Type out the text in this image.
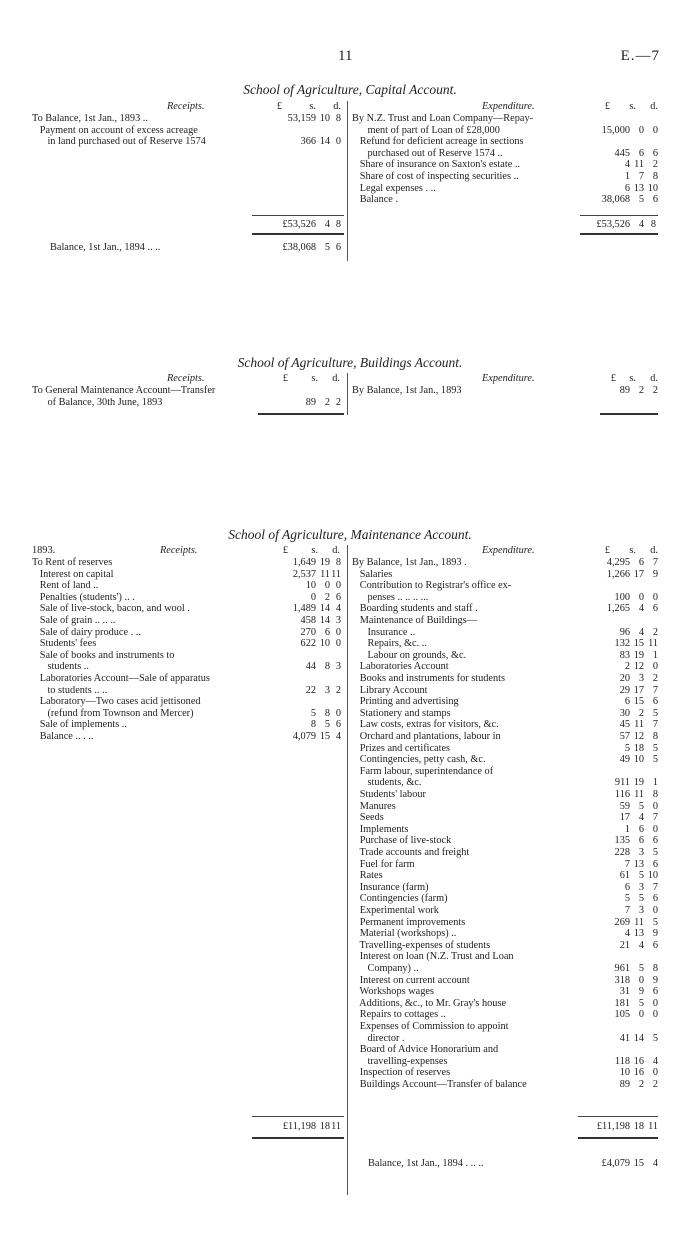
11	E.—7
School of Agriculture, Capital Account.
Receipts.	£	s. d.
To Balance, 1st Jan., 1893 ..	53,159 10 8
Payment on account of excess acreage
in land purchased out of Reserve 1574	366 14 0
Expenditure.	£ s. d.
By N.Z. Trust and Loan Company—Repay-
ment of part of Loan of £28,000	15,000 0 0
Refund for deficient acreage in sections
purchased out of Reserve 1574 ..	445 6 6
Share of insurance on Saxton's estate ..	4 11 2
Share of cost of inspecting securities ..	1 7 8
Legal expenses . ..	6 13 10
Balance .	38,068 5 6
£53,526 4 8	£53,526 4 8
Balance, 1st Jan., 1894 .. ..	£38,068 5 6
School of Agriculture, Buildings Account.
Receipts.	£ s. d.
To General Maintenance Account—Transfer
of Balance, 30th June, 1893	89 2 2
Expenditure.	£ s. d.
By Balance, 1st Jan., 1893	89 2 2
School of Agriculture, Maintenance Account.
1893.	Receipts.	£ s. d.
To Rent of reserves	1,649 19 8
Interest on capital	2,537 11 11
Rent of land ..	10 0 0
Penalties (students') .. .	0 2 6
Sale of live-stock, bacon, and wool .	1,489 14 4
Sale of grain .. .. ..	458 14 3
Sale of dairy produce . ..	270 6 0
Students' fees	622 10 0
Sale of books and instruments to
students ..	44 8 3
Laboratories Account—Sale of apparatus
to students .. ..	22 3 2
Laboratory—Two cases acid jettisoned
(refund from Townson and Mercer)	5 8 0
Sale of implements ..	8 5 6
Balance .. . ..	4,079 15 4
Expenditure.	£ s. d.
By Balance, 1st Jan., 1893 .	4,295 6 7
Salaries	1,266 17 9
Contribution to Registrar's office ex-
penses .. .. .. ...	100 0 0
Boarding students and staff .	1,265 4 6
Maintenance of Buildings—
Insurance ..	96 4 2
Repairs, &c. ..	132 15 11
Labour on grounds, &c.	83 19 1
Laboratories Account	2 12 0
Books and instruments for students	20 3 2
Library Account	29 17 7
Printing and advertising	6 15 6
Stationery and stamps	30 2 5
Law costs, extras for visitors, &c.	45 11 7
Orchard and plantations, labour in	57 12 8
Prizes and certificates	5 18 5
Contingencies, petty cash, &c.	49 10 5
Farm labour, superintendance of
students, &c.	911 19 1
Students' labour	116 11 8
Manures	59 5 0
Seeds	17 4 7
Implements	1 6 0
Purchase of live-stock	135 6 6
Trade accounts and freight	228 3 5
Fuel for farm	7 13 6
Rates	61 5 10
Insurance (farm)	6 3 7
Contingencies (farm)	5 5 6
Experimental work	7 3 0
Permanent improvements	269 11 5
Material (workshops) ..	4 13 9
Travelling-expenses of students	21 4 6
Interest on loan (N.Z. Trust and Loan
Company) ..	961 5 8
Interest on current account	318 0 9
Workshops wages	31 9 6
Additions, &c., to Mr. Gray's house	181 5 0
Repairs to cottages ..	105 0 0
Expenses of Commission to appoint
director .	41 14 5
Board of Advice Honorarium and
travelling-expenses	118 16 4
Inspection of reserves	10 16 0
Buildings Account—Transfer of balance	89 2 2
£11,198 18 11	£11,198 18 11
Balance, 1st Jan., 1894 . .. ..	£4,079 15 4
